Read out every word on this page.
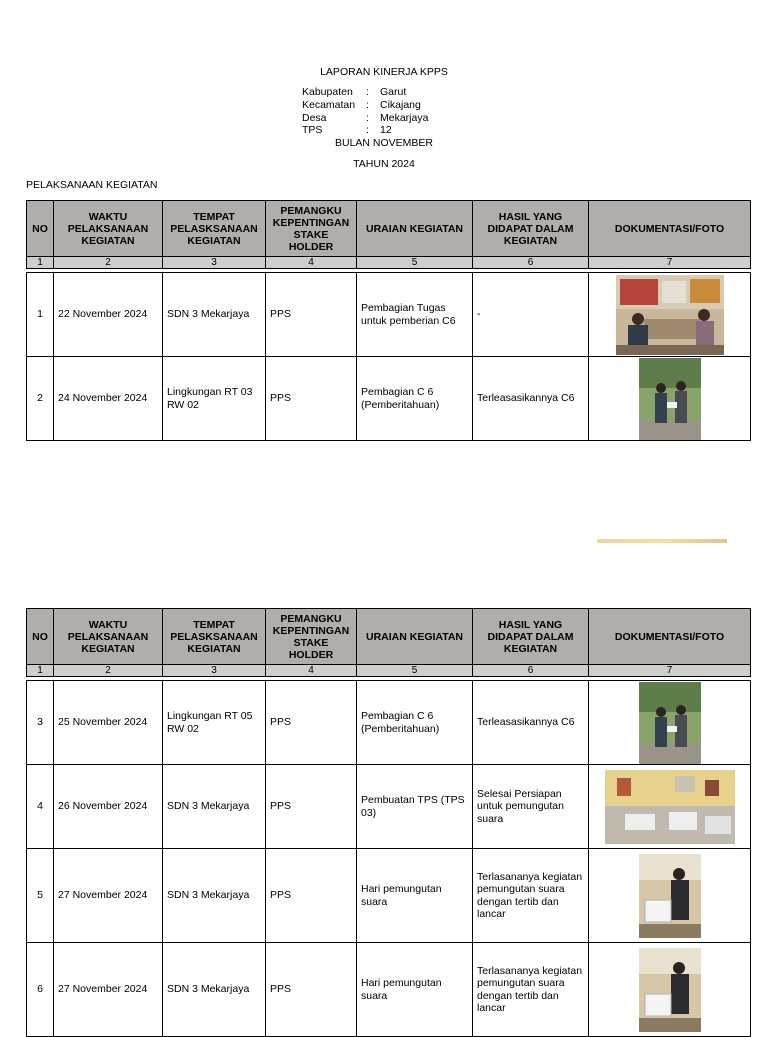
LAPORAN KINERJA KPPS
Kabupaten	:	Garut
Kecamatan	:	Cikajang
Desa	:	Mekarjaya
TPS	:	12
BULAN NOVEMBER
TAHUN 2024
PELAKSANAAN KEGIATAN
NO	WAKTU PELAKSANAAN KEGIATAN	TEMPAT PELASKSANAAN KEGIATAN	PEMANGKU KEPENTINGAN STAKE HOLDER	URAIAN KEGIATAN	HASIL YANG DIDAPAT DALAM KEGIATAN	DOKUMENTASI/FOTO
1	2	3	4	5	6	7

1	22 November 2024	SDN 3 Mekarjaya	PPS	Pembagian Tugas untuk pemberian C6	-	

2	24 November 2024	Lingkungan RT 03 RW 02	PPS	Pembagian C 6 (Pemberitahuan)	Terleasasikannya C6	
NO	WAKTU PELAKSANAAN KEGIATAN	TEMPAT PELASKSANAAN KEGIATAN	PEMANGKU KEPENTINGAN STAKE HOLDER	URAIAN KEGIATAN	HASIL YANG DIDAPAT DALAM KEGIATAN	DOKUMENTASI/FOTO
1	2	3	4	5	6	7

3	25 November 2024	Lingkungan RT 05 RW 02	PPS	Pembagian C 6 (Pemberitahuan)	Terleasasikannya C6	

4	26 November 2024	SDN 3 Mekarjaya	PPS	Pembuatan TPS (TPS 03)	Selesai Persiapan untuk pemungutan suara	

5	27 November 2024	SDN 3 Mekarjaya	PPS	Hari pemungutan suara	Terlasananya kegiatan pemungutan suara dengan tertib dan lancar	

6	27 November 2024	SDN 3 Mekarjaya	PPS	Hari pemungutan suara	Terlasananya kegiatan pemungutan suara dengan tertib dan lancar	
